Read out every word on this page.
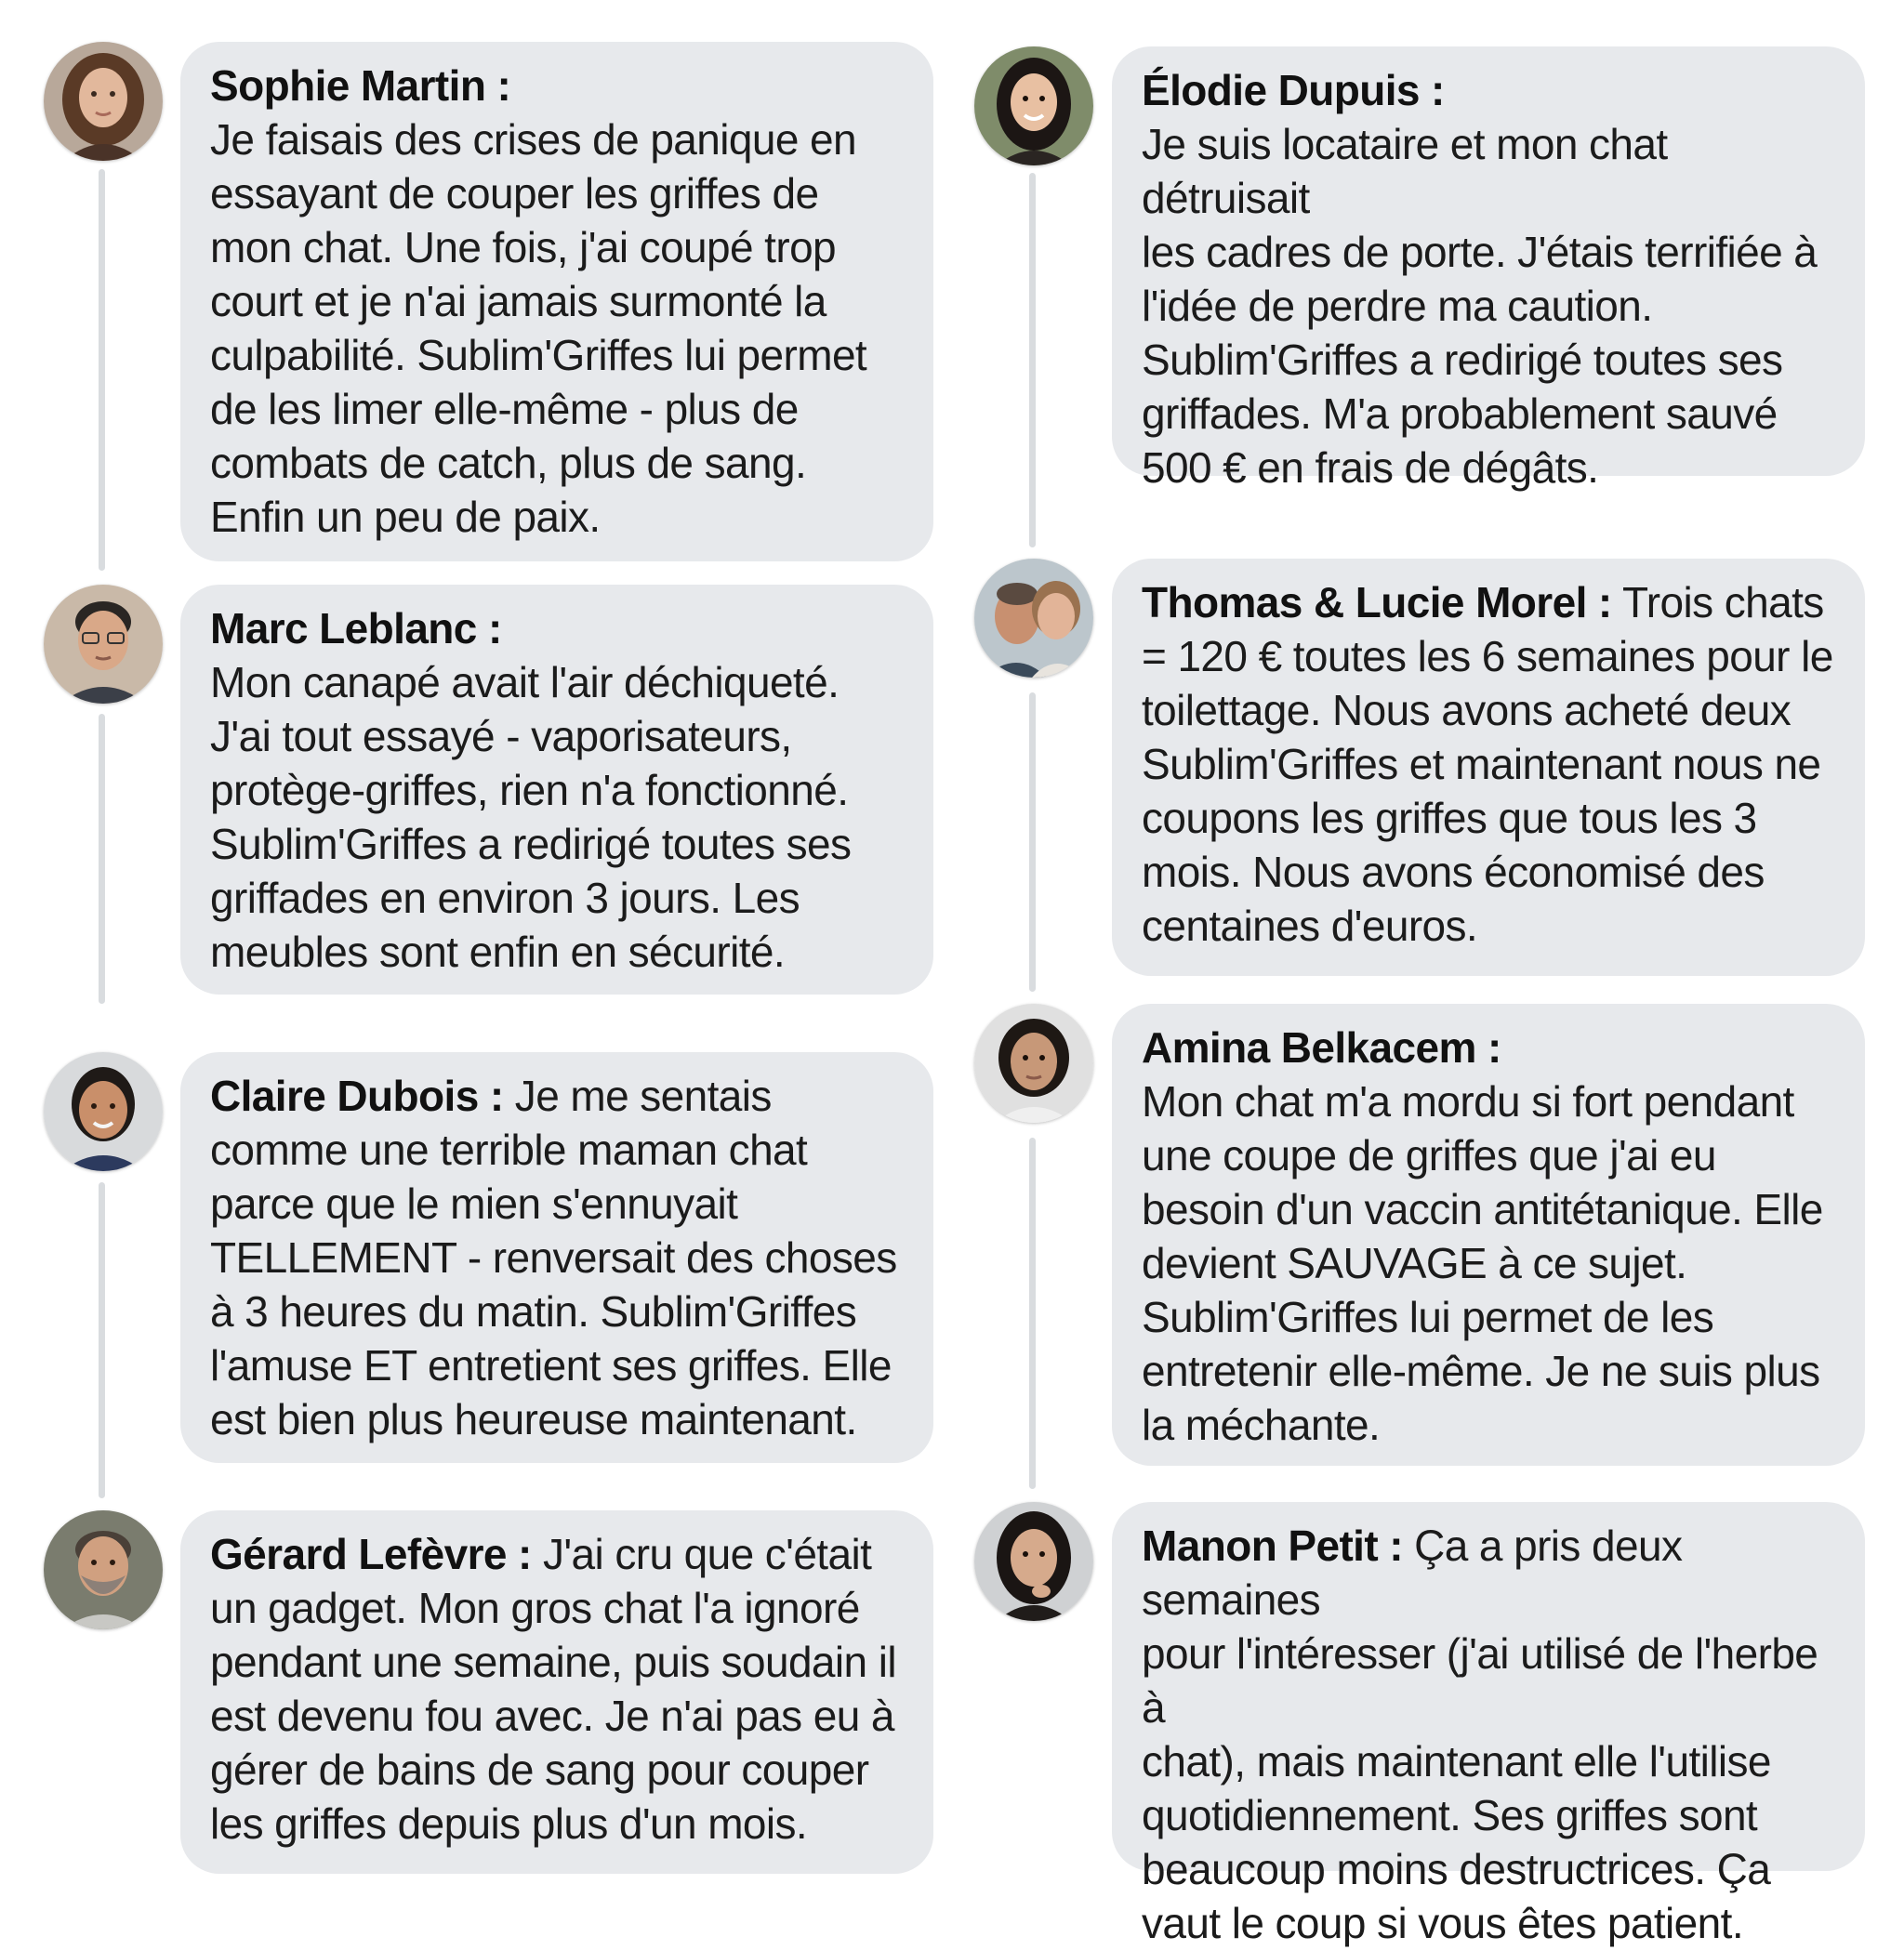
Sophie Martin :
Je faisais des crises de panique en
essayant de couper les griffes de
mon chat. Une fois, j'ai coupé trop
court et je n'ai jamais surmonté la
culpabilité. Sublim'Griffes lui permet
de les limer elle-même - plus de
combats de catch, plus de sang.
Enfin un peu de paix.
Marc Leblanc :
Mon canapé avait l'air déchiqueté.
J'ai tout essayé - vaporisateurs,
protège-griffes, rien n'a fonctionné.
Sublim'Griffes a redirigé toutes ses
griffades en environ 3 jours. Les
meubles sont enfin en sécurité.
Claire Dubois : Je me sentais
comme une terrible maman chat
parce que le mien s'ennuyait
TELLEMENT - renversait des choses
à 3 heures du matin. Sublim'Griffes
l'amuse ET entretient ses griffes. Elle
est bien plus heureuse maintenant.
Gérard Lefèvre : J'ai cru que c'était
un gadget. Mon gros chat l'a ignoré
pendant une semaine, puis soudain il
est devenu fou avec. Je n'ai pas eu à
gérer de bains de sang pour couper
les griffes depuis plus d'un mois.
Élodie Dupuis :
Je suis locataire et mon chat détruisait
les cadres de porte. J'étais terrifiée à
l'idée de perdre ma caution.
Sublim'Griffes a redirigé toutes ses
griffades. M'a probablement sauvé
500 € en frais de dégâts.
Thomas & Lucie Morel : Trois chats
= 120 € toutes les 6 semaines pour le
toilettage. Nous avons acheté deux
Sublim'Griffes et maintenant nous ne
coupons les griffes que tous les 3
mois. Nous avons économisé des
centaines d'euros.
Amina Belkacem :
Mon chat m'a mordu si fort pendant
une coupe de griffes que j'ai eu
besoin d'un vaccin antitétanique. Elle
devient SAUVAGE à ce sujet.
Sublim'Griffes lui permet de les
entretenir elle-même. Je ne suis plus
la méchante.
Manon Petit : Ça a pris deux semaines
pour l'intéresser (j'ai utilisé de l'herbe à
chat), mais maintenant elle l'utilise
quotidiennement. Ses griffes sont
beaucoup moins destructrices. Ça
vaut le coup si vous êtes patient.
